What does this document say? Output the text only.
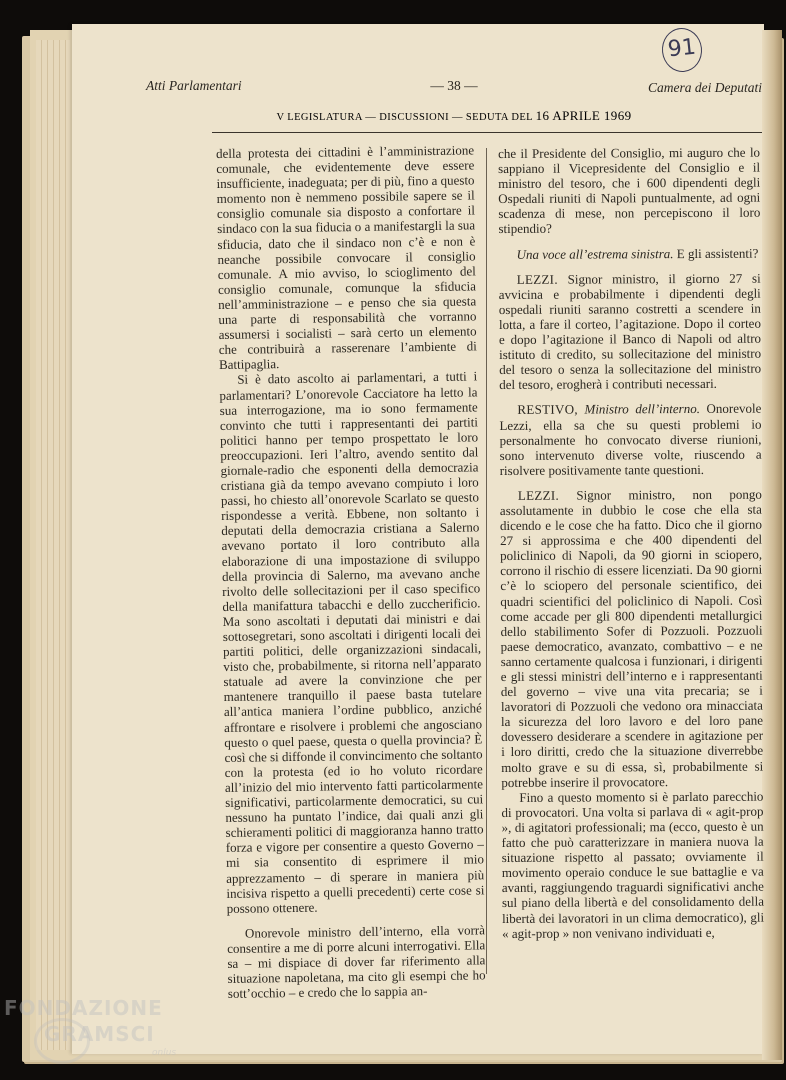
91
Atti Parlamentari	— 38 —	Camera dei Deputati
V LEGISLATURA — DISCUSSIONI — SEDUTA DEL 16 APRILE 1969

della protesta dei cittadini è l’amministrazione comunale, che evidentemente deve essere insufficiente, inadeguata; per di più, fino a questo momento non è nemmeno possibile sapere se il consiglio comunale sia disposto a confortare il sindaco con la sua fiducia o a manifestargli la sua sfiducia, dato che il sindaco non c’è e non è neanche possibile convocare il consiglio comunale. A mio avviso, lo scioglimento del consiglio comunale, comunque la sfiducia nell’amministrazione – e penso che sia questa una parte di responsabilità che vorranno assumersi i socialisti – sarà certo un elemento che contribuirà a rasserenare l’ambiente di Battipaglia.

Si è dato ascolto ai parlamentari, a tutti i parlamentari? L’onorevole Cacciatore ha letto la sua interrogazione, ma io sono fermamente convinto che tutti i rappresentanti dei partiti politici hanno per tempo prospettato le loro preoccupazioni. Ieri l’altro, avendo sentito dal giornale-radio che esponenti della democrazia cristiana già da tempo avevano compiuto i loro passi, ho chiesto all’onorevole Scarlato se questo rispondesse a verità. Ebbene, non soltanto i deputati della democrazia cristiana a Salerno avevano portato il loro contributo alla elaborazione di una impostazione di sviluppo della provincia di Salerno, ma avevano anche rivolto delle sollecitazioni per il caso specifico della manifattura tabacchi e dello zuccherificio. Ma sono ascoltati i deputati dai ministri e dai sottosegretari, sono ascoltati i dirigenti locali dei partiti politici, delle organizzazioni sindacali, visto che, probabilmente, si ritorna nell’apparato statuale ad avere la convinzione che per mantenere tranquillo il paese basta tutelare all’antica maniera l’ordine pubblico, anziché affrontare e risolvere i problemi che angosciano questo o quel paese, questa o quella provincia? È così che si diffonde il convincimento che soltanto con la protesta (ed io ho voluto ricordare all’inizio del mio intervento fatti particolarmente significativi, particolarmente democratici, su cui nessuno ha puntato l’indice, dai quali anzi gli schieramenti politici di maggioranza hanno tratto forza e vigore per consentire a questo Governo – mi sia consentito di esprimere il mio apprezzamento – di sperare in maniera più incisiva rispetto a quelli precedenti) certe cose si possono ottenere.

Onorevole ministro dell’interno, ella vorrà consentire a me di porre alcuni interrogativi. Ella sa – mi dispiace di dover far riferimento alla situazione napoletana, ma cito gli esempi che ho sott’occhio – e credo che lo sappia an-

che il Presidente del Consiglio, mi auguro che lo sappiano il Vicepresidente del Consiglio e il ministro del tesoro, che i 600 dipendenti degli Ospedali riuniti di Napoli puntualmente, ad ogni scadenza di mese, non percepiscono il loro stipendio?

Una voce all’estrema sinistra. E gli assistenti?

LEZZI. Signor ministro, il giorno 27 si avvicina e probabilmente i dipendenti degli ospedali riuniti saranno costretti a scendere in lotta, a fare il corteo, l’agitazione. Dopo il corteo e dopo l’agitazione il Banco di Napoli od altro istituto di credito, su sollecitazione del ministro del tesoro o senza la sollecitazione del ministro del tesoro, erogherà i contributi necessari.

RESTIVO, Ministro dell’interno. Onorevole Lezzi, ella sa che su questi problemi io personalmente ho convocato diverse riunioni, sono intervenuto diverse volte, riuscendo a risolvere positivamente tante questioni.

LEZZI. Signor ministro, non pongo assolutamente in dubbio le cose che ella sta dicendo e le cose che ha fatto. Dico che il giorno 27 si approssima e che 400 dipendenti del policlinico di Napoli, da 90 giorni in sciopero, corrono il rischio di essere licenziati. Da 90 giorni c’è lo sciopero del personale scientifico, dei quadri scientifici del policlinico di Napoli. Così come accade per gli 800 dipendenti metallurgici dello stabilimento Sofer di Pozzuoli. Pozzuoli paese democratico, avanzato, combattivo – e ne sanno certamente qualcosa i funzionari, i dirigenti e gli stessi ministri dell’interno e i rappresentanti del governo – vive una vita precaria; se i lavoratori di Pozzuoli che vedono ora minacciata la sicurezza del loro lavoro e del loro pane dovessero desiderare a scendere in agitazione per i loro diritti, credo che la situazione diverrebbe molto grave e su di essa, sì, probabilmente si potrebbe inserire il provocatore.

Fino a questo momento si è parlato parecchio di provocatori. Una volta si parlava di « agit-prop », di agitatori professionali; ma (ecco, questo è un fatto che può caratterizzare in maniera nuova la situazione rispetto al passato; ovviamente il movimento operaio conduce le sue battaglie e va avanti, raggiungendo traguardi significativi anche sul piano della libertà e del consolidamento della libertà dei lavoratori in un clima democratico), gli « agit-prop » non venivano individuati e,

FONDAZIONE
GRAMSCI
onlus
